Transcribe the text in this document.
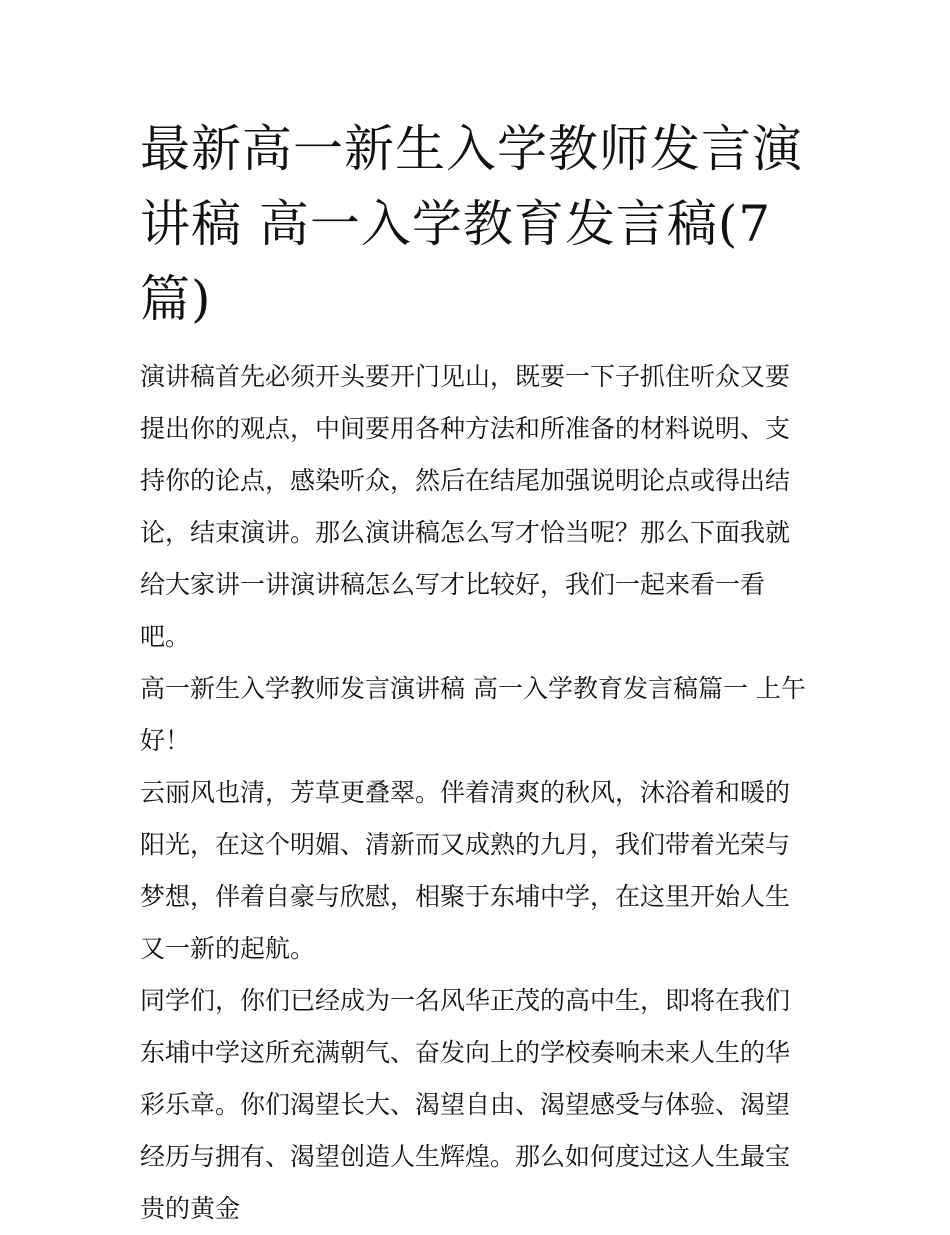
最新高一新生入学教师发言演讲稿 高一入学教育发言稿(7篇)

演讲稿首先必须开头要开门见山，既要一下子抓住听众又要提出你的观点，中间要用各种方法和所准备的材料说明、支持你的论点，感染听众，然后在结尾加强说明论点或得出结论，结束演讲。那么演讲稿怎么写才恰当呢？那么下面我就给大家讲一讲演讲稿怎么写才比较好，我们一起来看一看吧。

高一新生入学教师发言演讲稿 高一入学教育发言稿篇一 上午好！

云丽风也清，芳草更叠翠。伴着清爽的秋风，沐浴着和暖的阳光，在这个明媚、清新而又成熟的九月，我们带着光荣与梦想，伴着自豪与欣慰，相聚于东埔中学，在这里开始人生又一新的起航。

同学们，你们已经成为一名风华正茂的高中生，即将在我们东埔中学这所充满朝气、奋发向上的学校奏响未来人生的华彩乐章。你们渴望长大、渴望自由、渴望感受与体验、渴望经历与拥有、渴望创造人生辉煌。那么如何度过这人生最宝贵的黄金
